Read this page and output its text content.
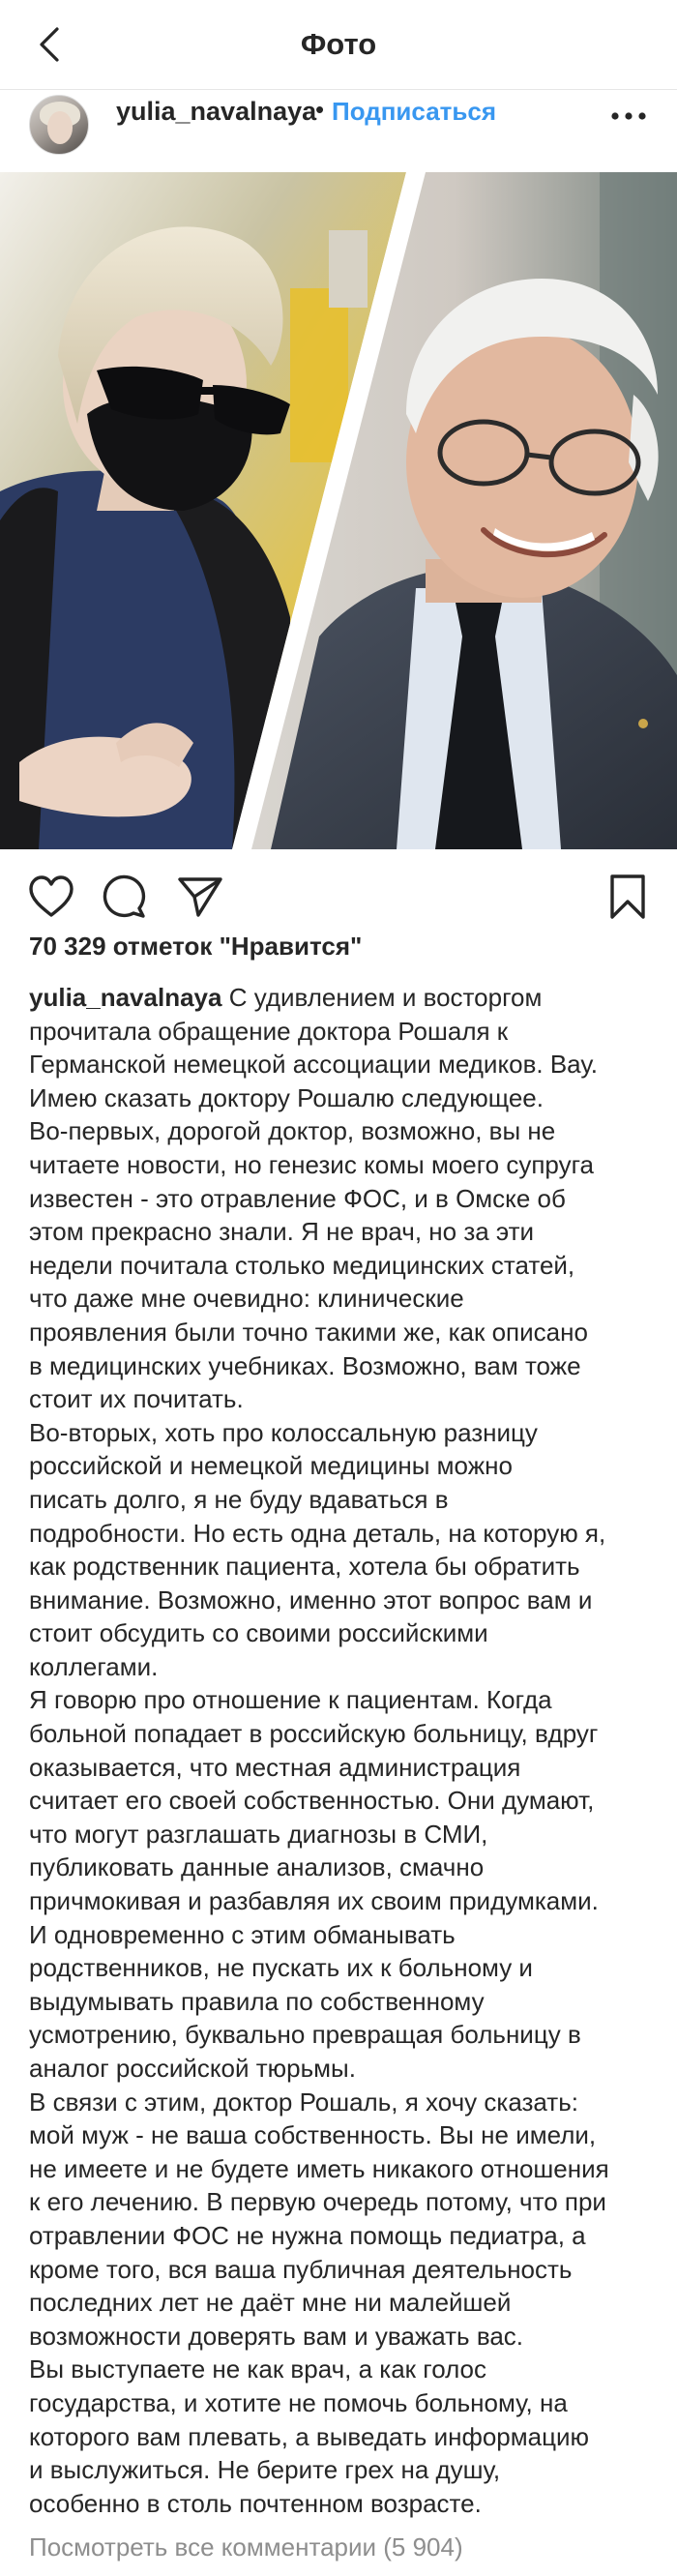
Фото
yulia_navalnaya
• Подписаться
70 329 отметок "Нравится"
yulia_navalnaya С удивлением и восторгом
прочитала обращение доктора Рошаля к
Германской немецкой ассоциации медиков. Вау.
Имею сказать доктору Рошалю следующее.
Во-первых, дорогой доктор, возможно, вы не
читаете новости, но генезис комы моего супруга
известен - это отравление ФОС, и в Омске об
этом прекрасно знали. Я не врач, но за эти
недели почитала столько медицинских статей,
что даже мне очевидно: клинические
проявления были точно такими же, как описано
в медицинских учебниках. Возможно, вам тоже
стоит их почитать.
Во-вторых, хоть про колоссальную разницу
российской и немецкой медицины можно
писать долго, я не буду вдаваться в
подробности. Но есть одна деталь, на которую я,
как родственник пациента, хотела бы обратить
внимание. Возможно, именно этот вопрос вам и
стоит обсудить со своими российскими
коллегами.
Я говорю про отношение к пациентам. Когда
больной попадает в российскую больницу, вдруг
оказывается, что местная администрация
считает его своей собственностью. Они думают,
что могут разглашать диагнозы в СМИ,
публиковать данные анализов, смачно
причмокивая и разбавляя их своим придумками.
И одновременно с этим обманывать
родственников, не пускать их к больному и
выдумывать правила по собственному
усмотрению, буквально превращая больницу в
аналог российской тюрьмы.
В связи с этим, доктор Рошаль, я хочу сказать:
мой муж - не ваша собственность. Вы не имели,
не имеете и не будете иметь никакого отношения
к его лечению. В первую очередь потому, что при
отравлении ФОС не нужна помощь педиатра, а
кроме того, вся ваша публичная деятельность
последних лет не даёт мне ни малейшей
возможности доверять вам и уважать вас.
Вы выступаете не как врач, а как голос
государства, и хотите не помочь больному, на
которого вам плевать, а выведать информацию
и выслужиться. Не берите грех на душу,
особенно в столь почтенном возрасте.
Посмотреть все комментарии (5 904)
